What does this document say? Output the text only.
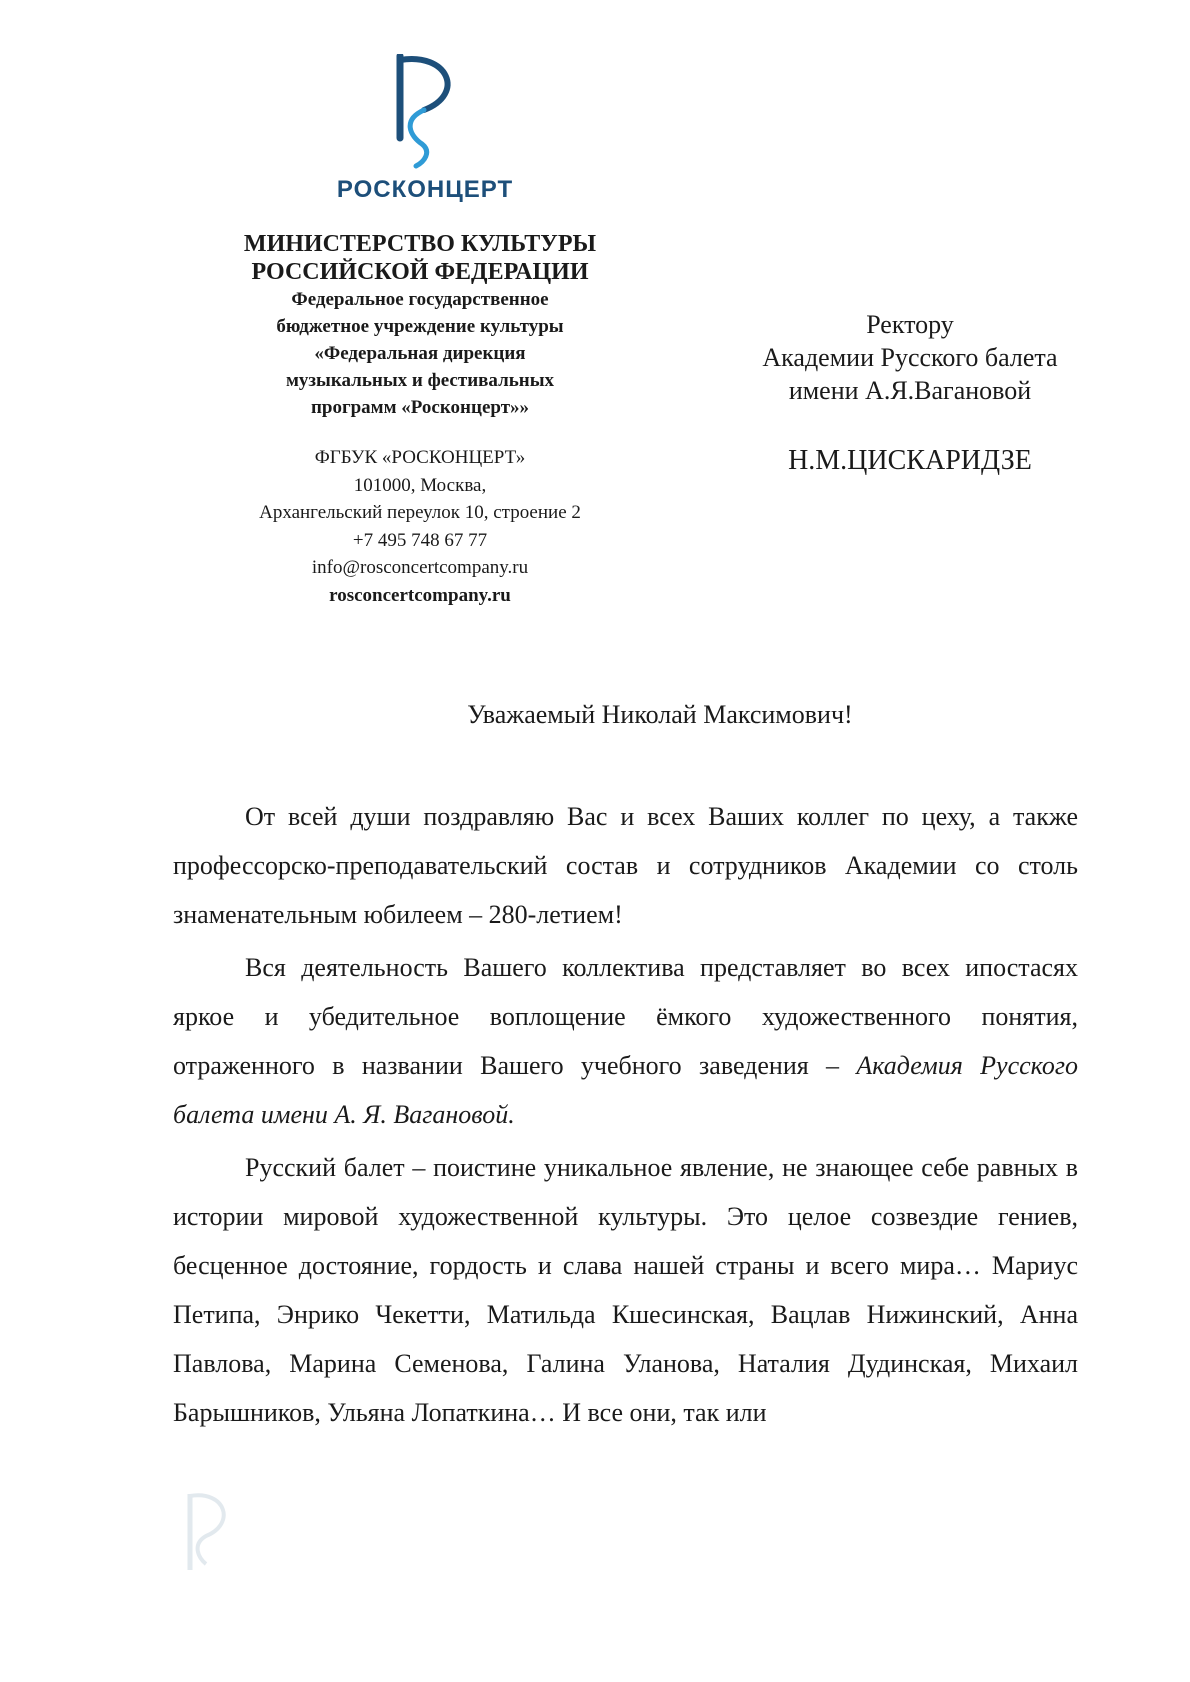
РОСКОНЦЕРТ
МИНИСТЕРСТВО КУЛЬТУРЫ
РОССИЙСКОЙ ФЕДЕРАЦИИ
Федеральное государственное
бюджетное учреждение культуры
«Федеральная дирекция
музыкальных и фестивальных
программ «Росконцерт»»
ФГБУК «РОСКОНЦЕРТ»
101000, Москва,
Архангельский переулок 10, строение 2
+7 495 748 67 77
info@rosconcertcompany.ru
rosconcertcompany.ru
Ректору
Академии Русского балета
имени А.Я.Вагановой
Н.М.ЦИСКАРИДЗЕ
Уважаемый Николай Максимович!

От всей души поздравляю Вас и всех Ваших коллег по цеху, а также профессорско-преподавательский состав и сотрудников Академии со столь знаменательным юбилеем – 280-летием!

Вся деятельность Вашего коллектива представляет во всех ипостасях яркое и убедительное воплощение ёмкого художественного понятия, отраженного в названии Вашего учебного заведения – Академия Русского балета имени А. Я. Вагановой.

Русский балет – поистине уникальное явление, не знающее себе равных в истории мировой художественной культуры. Это целое созвездие гениев, бесценное достояние, гордость и слава нашей страны и всего мира… Мариус Петипа, Энрико Чекетти, Матильда Кшесинская, Вацлав Нижинский, Анна Павлова, Марина Семенова, Галина Уланова, Наталия Дудинская, Михаил Барышников, Ульяна Лопаткина… И все они, так или
